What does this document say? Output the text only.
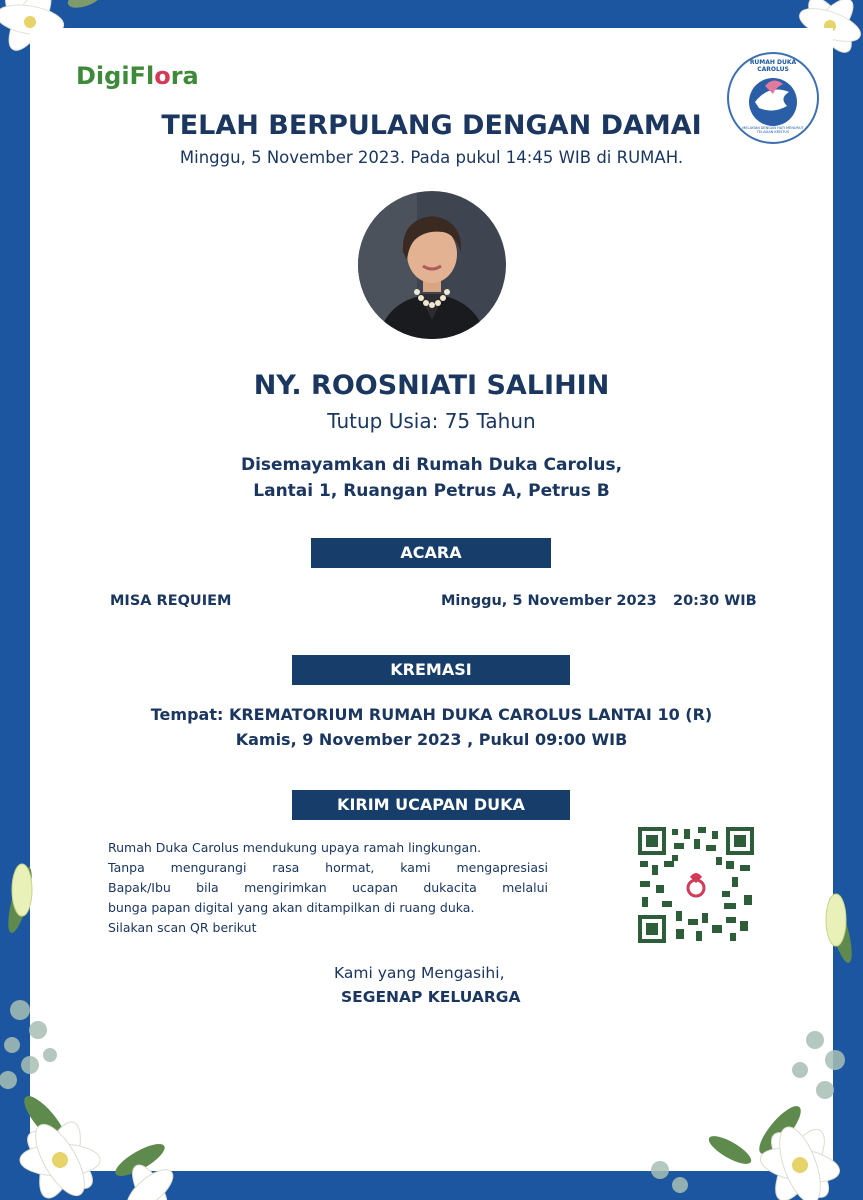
DigiFlora	RUMAH DUKA CAROLUS
MELAYANI DENGAN HATI MENURUT TELADAN KRISTUS
TELAH BERPULANG DENGAN DAMAI
Minggu, 5 November 2023. Pada pukul 14:45 WIB di RUMAH.
NY. ROOSNIATI SALIHIN
Tutup Usia: 75 Tahun
Disemayamkan di Rumah Duka Carolus,
Lantai 1, Ruangan Petrus A, Petrus B
ACARA
MISA REQUIEM	Minggu, 5 November 2023 20:30 WIB
KREMASI
Tempat: KREMATORIUM RUMAH DUKA CAROLUS LANTAI 10 (R)
Kamis, 9 November 2023 , Pukul 09:00 WIB
KIRIM UCAPAN DUKA
Rumah Duka Carolus mendukung upaya ramah lingkungan.
Tanpa mengurangi rasa hormat, kami mengapresiasi
Bapak/Ibu bila mengirimkan ucapan dukacita melalui
bunga papan digital yang akan ditampilkan di ruang duka.
Silakan scan QR berikut
Kami yang Mengasihi,
SEGENAP KELUARGA
